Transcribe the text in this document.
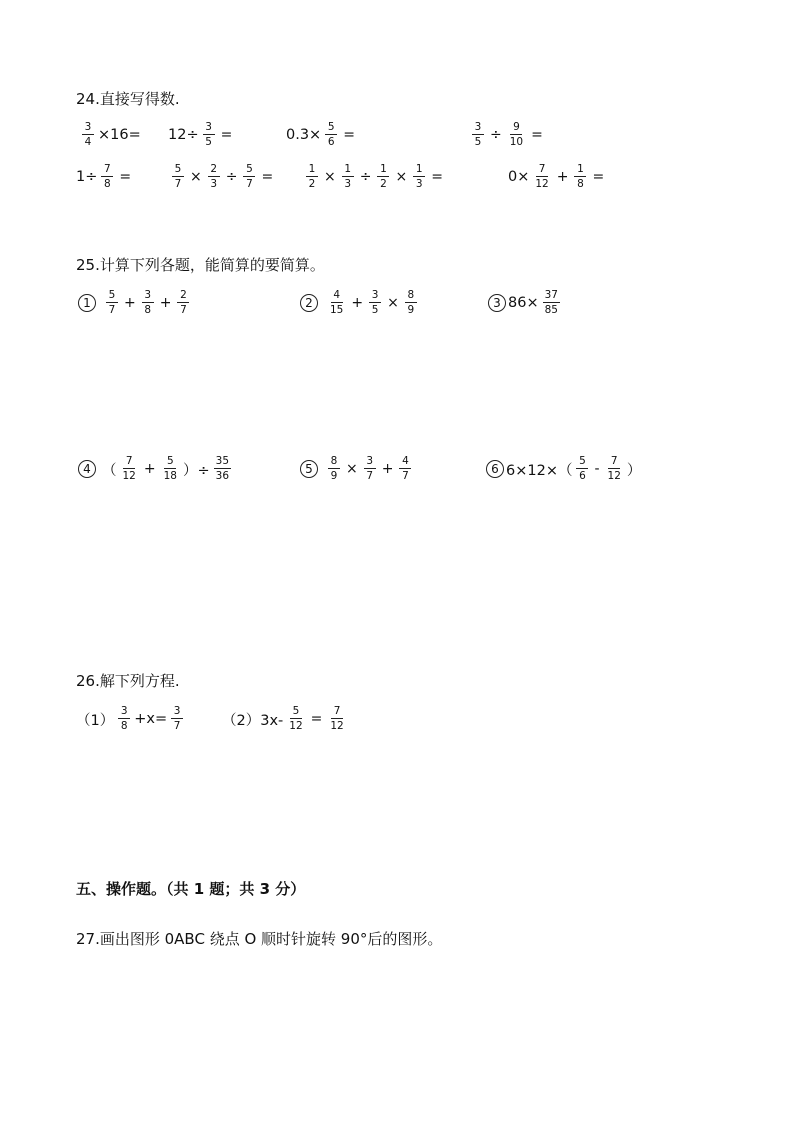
24.直接写得数.
$\frac{3}{4} \times 16= 12\div \frac{3}{5}$ =	$0.3\times \frac{5}{6}$ =	$\frac{3}{5} \div \frac{9}{10}$ =
$1\div \frac{7}{8}$ =	$\frac{5}{7} \times \frac{2}{3} \div \frac{5}{7}$ =	$\frac{1}{2} \times \frac{1}{3} \div \frac{1}{2} \times \frac{1}{3}$ =	$0\times \frac{7}{12} + \frac{1}{8}$ =
25.计算下列各题，能简算的要简算。
1	$\frac{5}{7} + \frac{3}{8} + \frac{2}{7}$	2	$\frac{4}{15} + \frac{3}{5} \times \frac{8}{9}$	3 $86\times \frac{37}{85}$
4 （ $\frac{7}{12} + \frac{5}{18}$ ）÷ $\frac{35}{36}$	5	$\frac{8}{9} \times \frac{3}{7} + \frac{4}{7}$	6 $6\times 12\times( \frac{5}{6} - \frac{7}{12}$ ）
26.解下列方程.
$(1) \frac{3}{8} +x= \frac{3}{7}$	$(2)3x- \frac{5}{12} = \frac{7}{12}$
五、操作题。（共 1 题；共 3 分）
27.画出图形 0ABC 绕点 O 顺时针旋转 90°后的图形。
